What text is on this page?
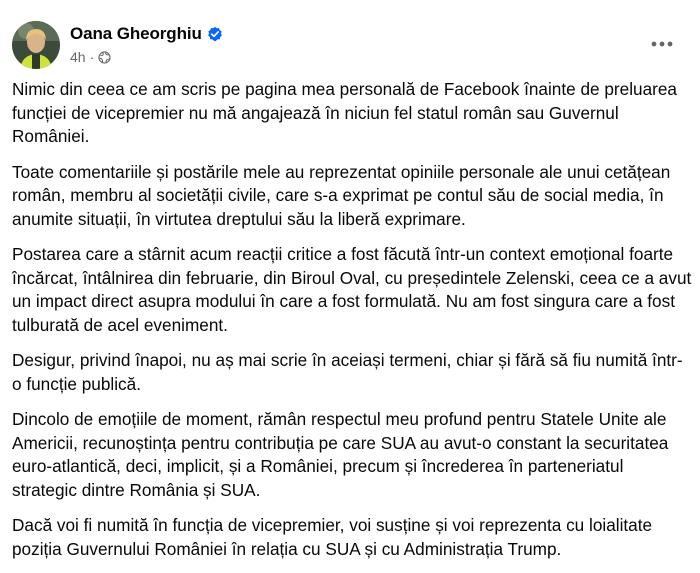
Oana Gheorghiu
4h ·

Nimic din ceea ce am scris pe pagina mea personală de Facebook înainte de preluarea funcției de vicepremier nu mă angajează în niciun fel statul român sau Guvernul României.

Toate comentariile și postările mele au reprezentat opiniile personale ale unui cetățean român, membru al societății civile, care s-a exprimat pe contul său de social media, în anumite situații, în virtutea dreptului său la liberă exprimare.

Postarea care a stârnit acum reacții critice a fost făcută într-un context emoțional foarte încărcat, întâlnirea din februarie, din Biroul Oval, cu președintele Zelenski, ceea ce a avut un impact direct asupra modului în care a fost formulată. Nu am fost singura care a fost tulburată de acel eveniment.

Desigur, privind înapoi, nu aș mai scrie în aceiași termeni, chiar și fără să fiu numită într-o funcție publică.

Dincolo de emoțiile de moment, rămân respectul meu profund pentru Statele Unite ale Americii, recunoștința pentru contribuția pe care SUA au avut-o constant la securitatea euro-atlantică, deci, implicit, și a României, precum și încrederea în parteneriatul strategic dintre România și SUA.

Dacă voi fi numită în funcția de vicepremier, voi susține și voi reprezenta cu loialitate poziția Guvernului României în relația cu SUA și cu Administrația Trump.
